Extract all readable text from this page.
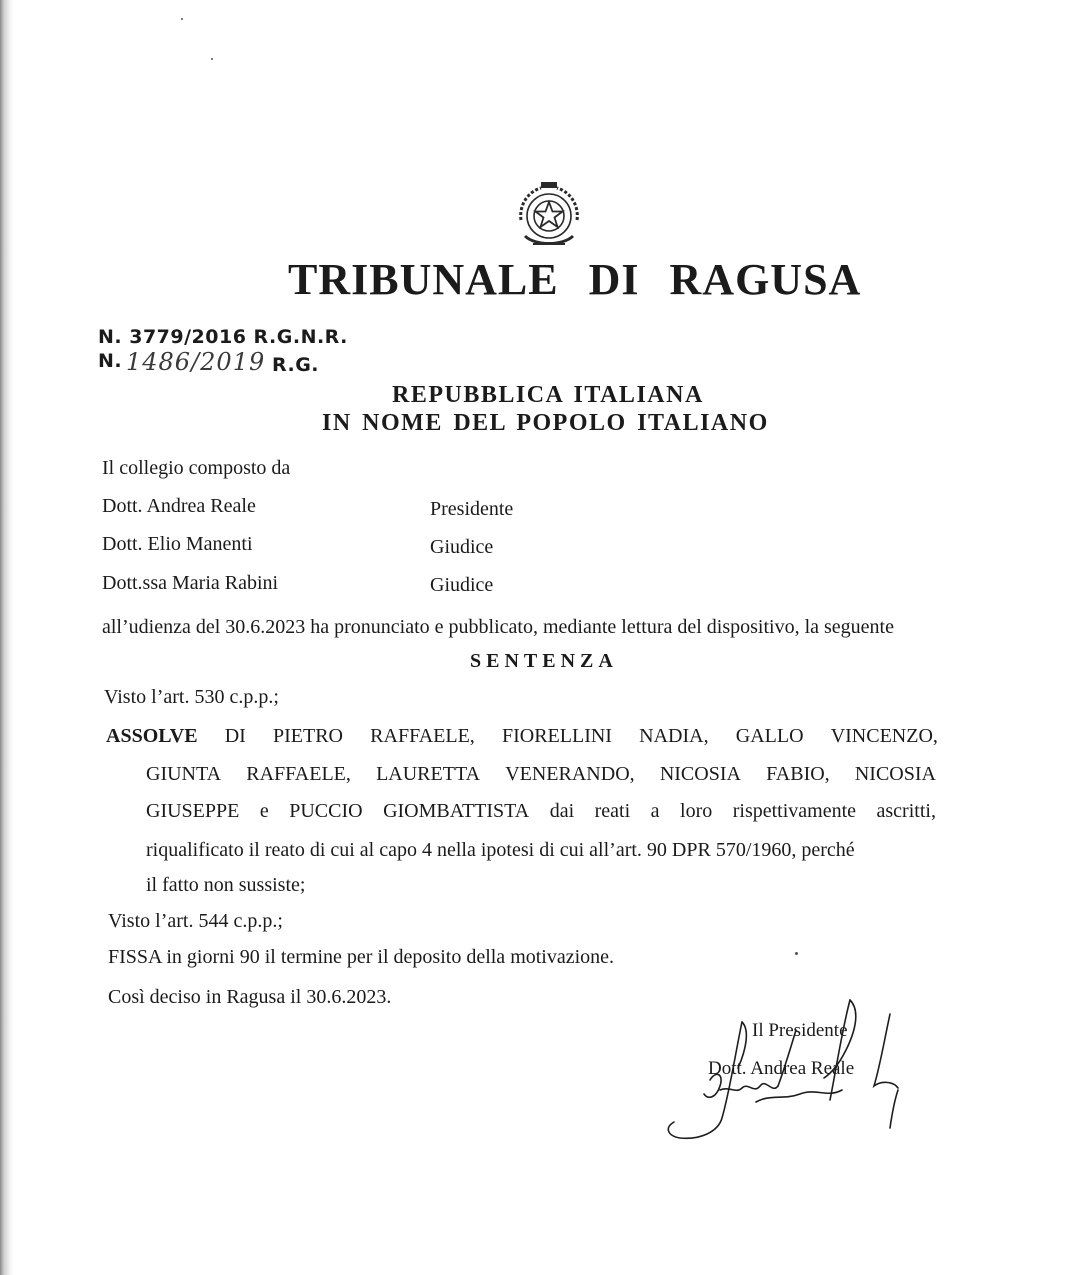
TRIBUNALE DI RAGUSA
N. 3779/2016 R.G.N.R.
N. 1486/2019 R.G.
REPUBBLICA ITALIANA
IN NOME DEL POPOLO ITALIANO
Il collegio composto da
Dott. Andrea Reale	Presidente
Dott. Elio Manenti	Giudice
Dott.ssa Maria Rabini	Giudice
all’udienza del 30.6.2023 ha pronunciato e pubblicato, mediante lettura del dispositivo, la seguente
SENTENZA
Visto l’art. 530 c.p.p.;
ASSOLVE DI PIETRO RAFFAELE, FIORELLINI NADIA, GALLO VINCENZO,
GIUNTA RAFFAELE, LAURETTA VENERANDO, NICOSIA FABIO, NICOSIA
GIUSEPPE e PUCCIO GIOMBATTISTA dai reati a loro rispettivamente ascritti,
riqualificato il reato di cui al capo 4 nella ipotesi di cui all’art. 90 DPR 570/1960, perché
il fatto non sussiste;
Visto l’art. 544 c.p.p.;
FISSA in giorni 90 il termine per il deposito della motivazione.
Così deciso in Ragusa il 30.6.2023.
Il Presidente
Dott. Andrea Reale
